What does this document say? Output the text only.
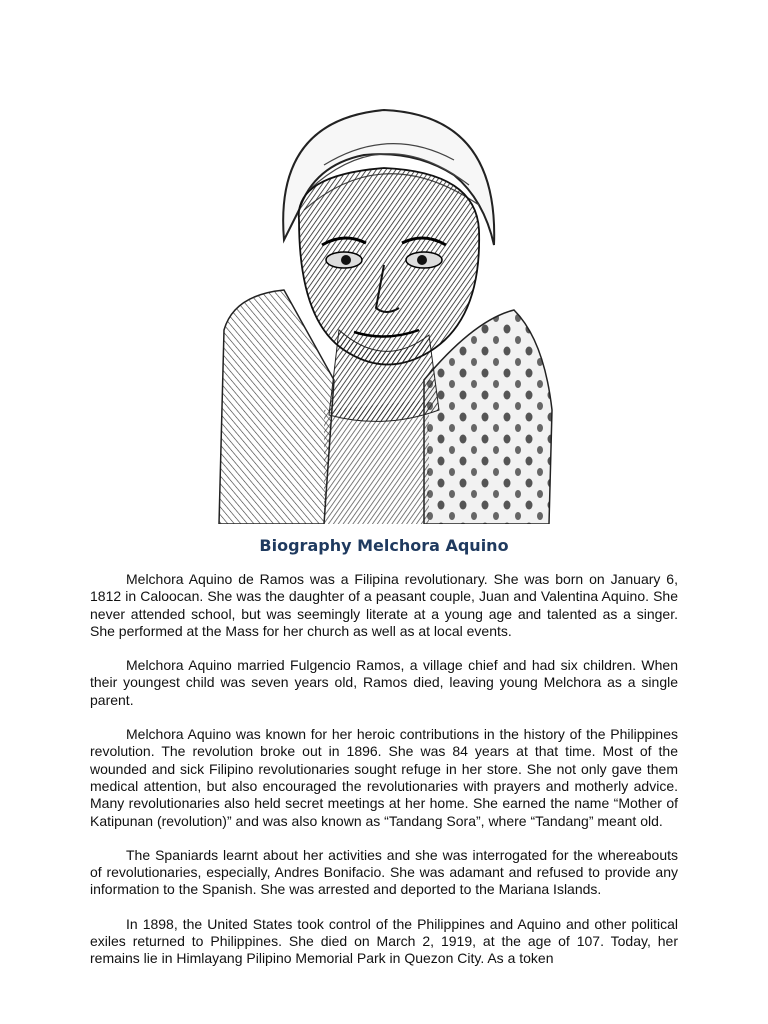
Biography Melchora Aquino

Melchora Aquino de Ramos was a Filipina revolutionary. She was born on January 6, 1812 in Caloocan. She was the daughter of a peasant couple, Juan and Valentina Aquino. She never attended school, but was seemingly literate at a young age and talented as a singer. She performed at the Mass for her church as well as at local events.

Melchora Aquino married Fulgencio Ramos, a village chief and had six children. When their youngest child was seven years old, Ramos died, leaving young Melchora as a single parent.

Melchora Aquino was known for her heroic contributions in the history of the Philippines revolution. The revolution broke out in 1896. She was 84 years at that time. Most of the wounded and sick Filipino revolutionaries sought refuge in her store. She not only gave them medical attention, but also encouraged the revolutionaries with prayers and motherly advice. Many revolutionaries also held secret meetings at her home. She earned the name “Mother of Katipunan (revolution)” and was also known as “Tandang Sora”, where “Tandang” meant old.

The Spaniards learnt about her activities and she was interrogated for the whereabouts of revolutionaries, especially, Andres Bonifacio. She was adamant and refused to provide any information to the Spanish. She was arrested and deported to the Mariana Islands.

In 1898, the United States took control of the Philippines and Aquino and other political exiles returned to Philippines. She died on March 2, 1919, at the age of 107. Today, her remains lie in Himlayang Pilipino Memorial Park in Quezon City. As a token
